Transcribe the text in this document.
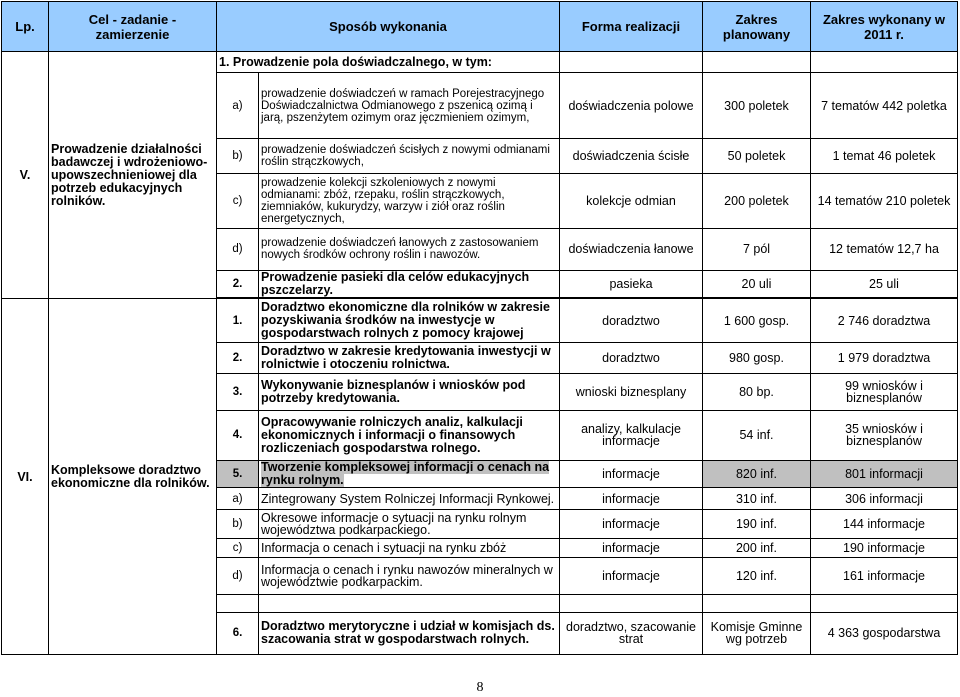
Lp.	Cel - zadanie - zamierzenie	Sposób wykonania		Forma realizacji	Zakres planowany	Zakres wykonany w 2011 r.
V.	Prowadzenie działalności badawczej i wdrożeniowo-upowszechnieniowej dla potrzeb edukacyjnych rolników.	1. Prowadzenie pola doświadczalnego, w tym:				
		a)	prowadzenie doświadczeń w ramach Porejestracyjnego Doświadczalnictwa Odmianowego z pszenicą ozimą i jarą, pszenżytem ozimym oraz jęczmieniem ozimym,	doświadczenia polowe	300 poletek	7 tematów 442 poletka
		b)	prowadzenie doświadczeń ścisłych z nowymi odmianami roślin strączkowych,	doświadczenia ścisłe	50 poletek	1 temat 46 poletek
		c)	prowadzenie kolekcji szkoleniowych z nowymi odmianami: zbóż, rzepaku, roślin strączkowych, ziemniaków, kukurydzy, warzyw i ziół oraz roślin energetycznych,	kolekcje odmian	200 poletek	14 tematów 210 poletek
		d)	prowadzenie doświadczeń łanowych z zastosowaniem nowych środków ochrony roślin i nawozów.	doświadczenia łanowe	7 pól	12 tematów 12,7 ha
		2.	Prowadzenie pasieki dla celów edukacyjnych pszczelarzy.	pasieka	20 uli	25 uli

VI.	Kompleksowe doradztwo ekonomiczne dla rolników.	1.	Doradztwo ekonomiczne dla rolników w zakresie pozyskiwania środków na inwestycje w gospodarstwach rolnych z pomocy krajowej	doradztwo	1 600 gosp.	2 746 doradztwa
		2.	Doradztwo w zakresie kredytowania inwestycji w rolnictwie i otoczeniu rolnictwa.	doradztwo	980 gosp.	1 979 doradztwa
		3.	Wykonywanie biznesplanów i wniosków pod potrzeby kredytowania.	wnioski biznesplany	80 bp.	99 wniosków i biznesplanów
		4.	Opracowywanie rolniczych analiz, kalkulacji ekonomicznych i informacji o finansowych rozliczeniach gospodarstwa rolnego.	analizy, kalkulacje informacje	54 inf.	35 wniosków i biznesplanów
		5.	Tworzenie kompleksowej informacji o cenach na rynku rolnym.	informacje	820 inf.	801 informacji
		a)	Zintegrowany System Rolniczej Informacji Rynkowej.	informacje	310 inf.	306 informacji
		b)	Okresowe informacje o sytuacji na rynku rolnym województwa podkarpackiego.	informacje	190 inf.	144 informacje
		c)	Informacja o cenach i sytuacji na rynku zbóż	informacje	200 inf.	190 informacje
		d)	Informacja o cenach i rynku nawozów mineralnych w województwie podkarpackim.	informacje	120 inf.	161 informacje

		6.	Doradztwo merytoryczne i udział w komisjach ds. szacowania strat w gospodarstwach rolnych.	doradztwo, szacowanie strat	Komisje Gminne wg potrzeb	4 363 gospodarstwa
8
